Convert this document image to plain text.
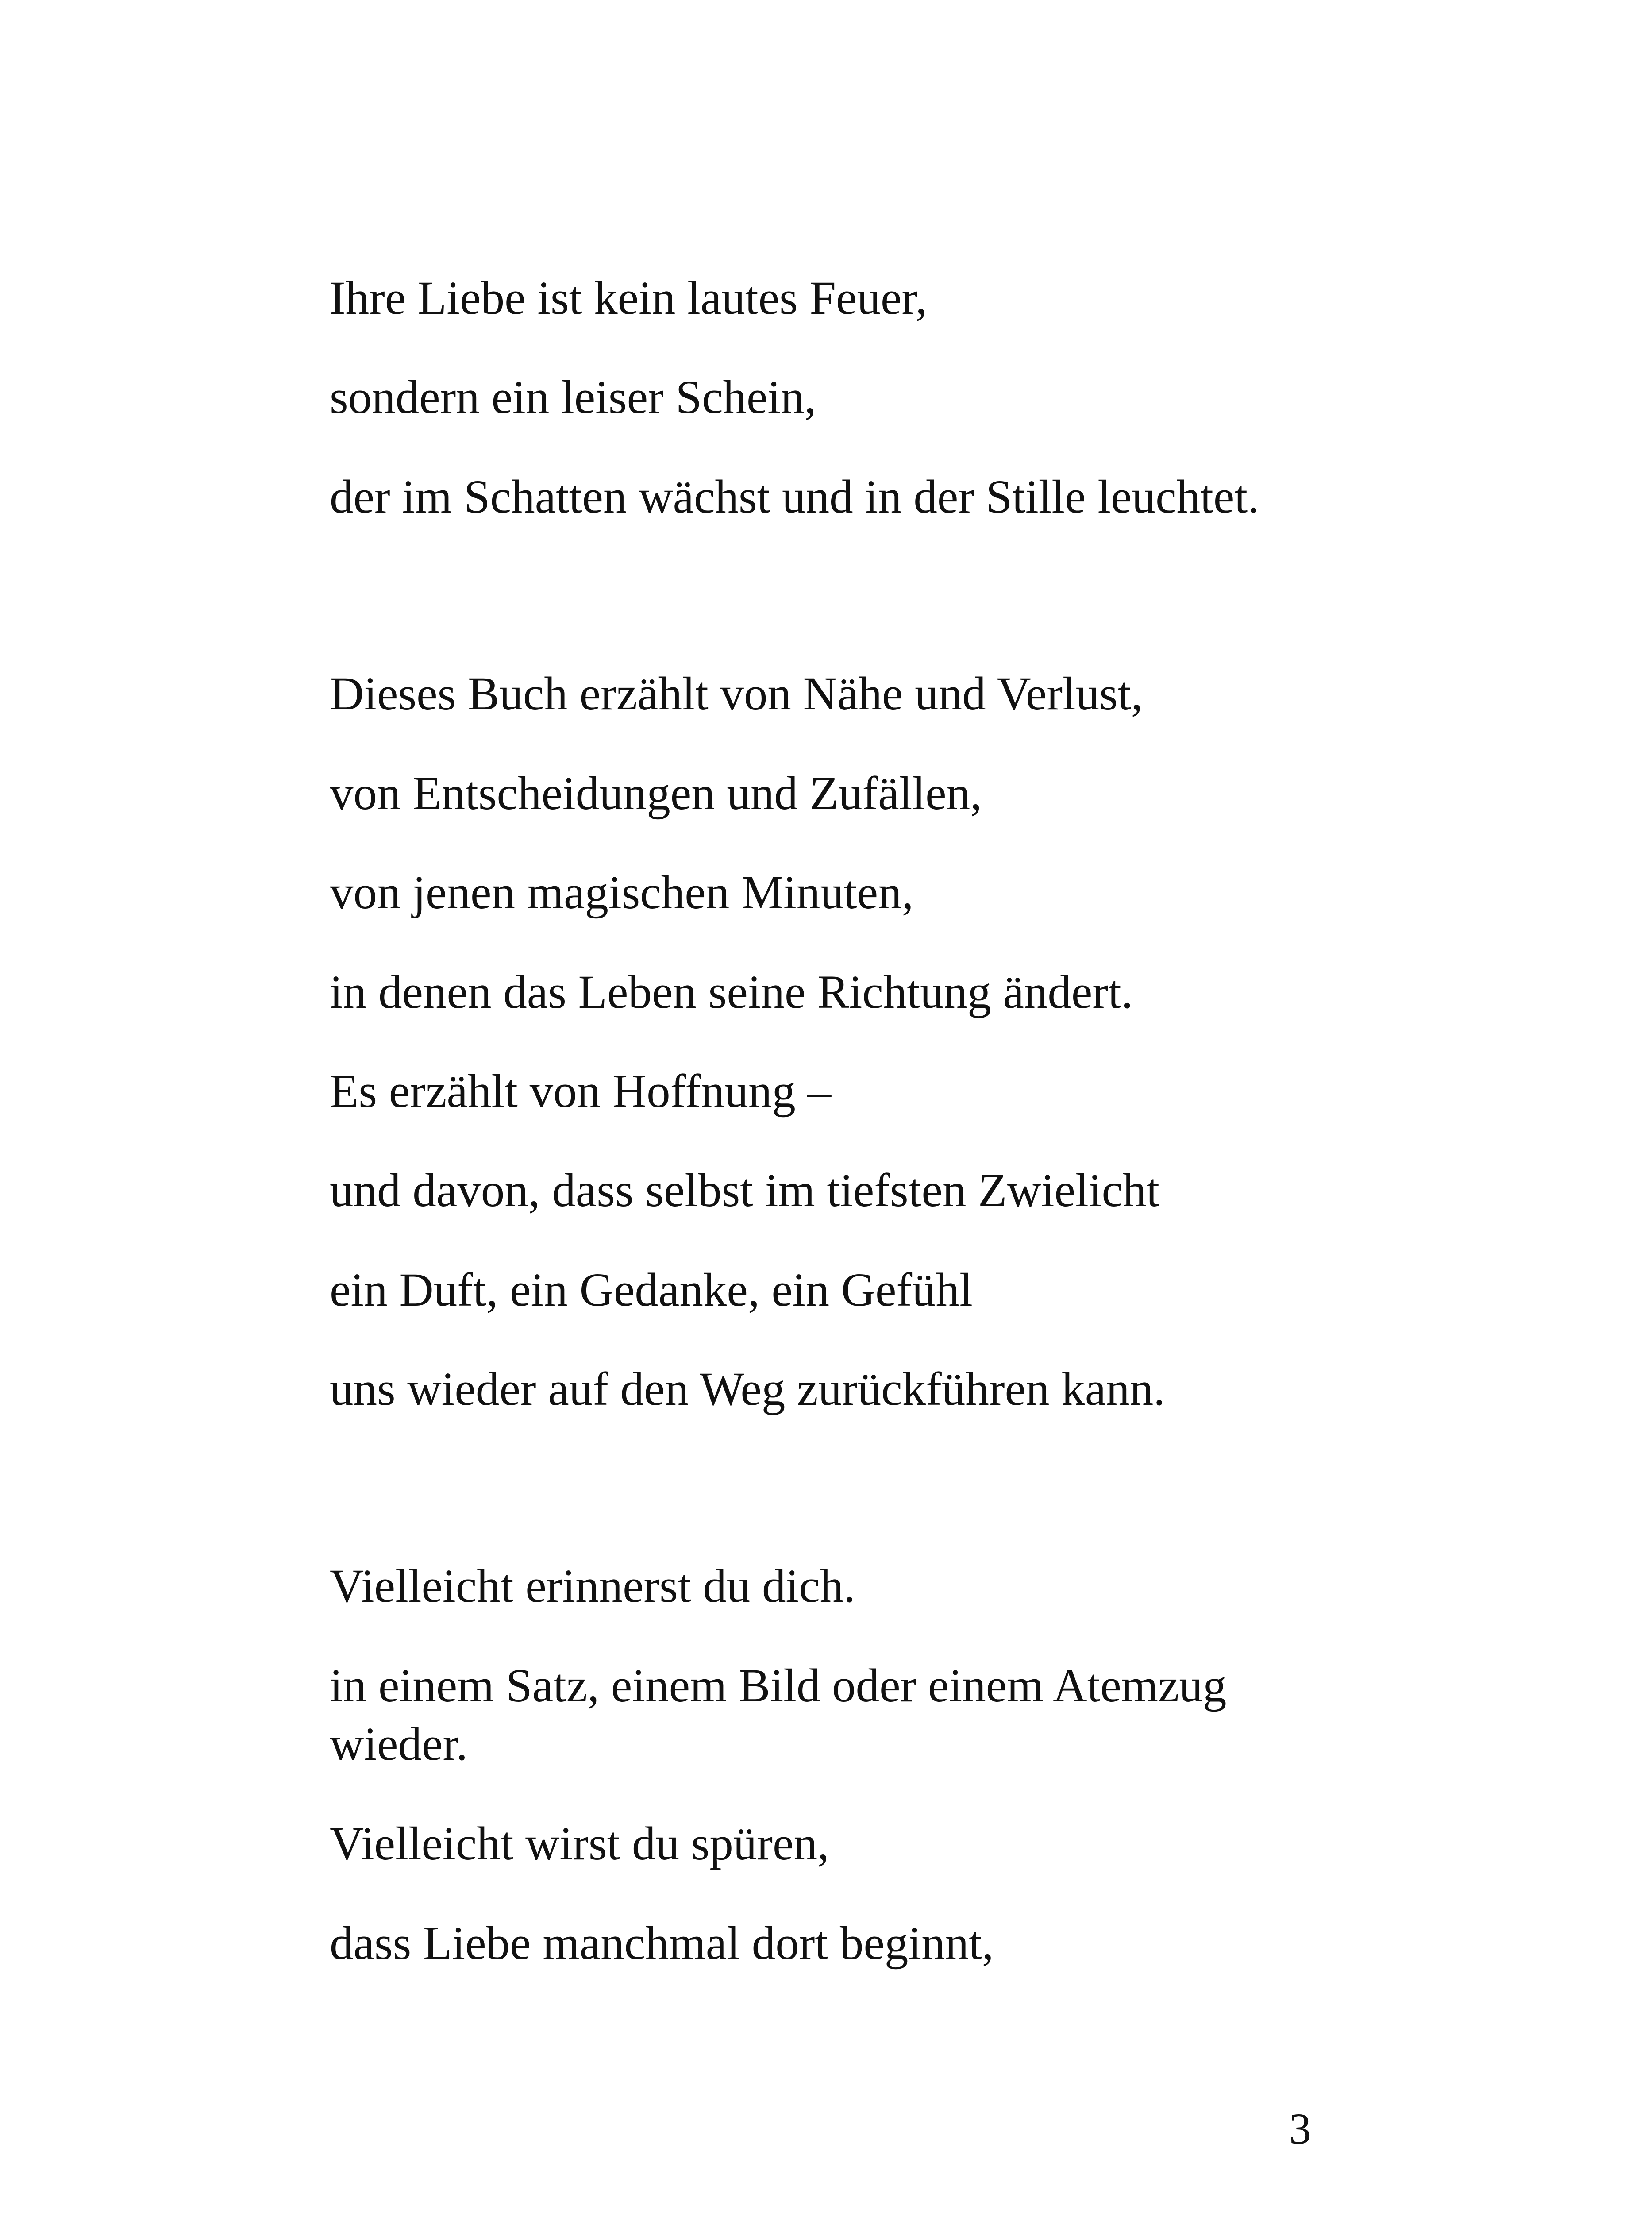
Ihre Liebe ist kein lautes Feuer,

sondern ein leiser Schein,

der im Schatten wächst und in der Stille leuchtet.

Dieses Buch erzählt von Nähe und Verlust,

von Entscheidungen und Zufällen,

von jenen magischen Minuten,

in denen das Leben seine Richtung ändert.

Es erzählt von Hoffnung –

und davon, dass selbst im tiefsten Zwielicht

ein Duft, ein Gedanke, ein Gefühl

uns wieder auf den Weg zurückführen kann.

Vielleicht erinnerst du dich.

in einem Satz, einem Bild oder einem Atemzug wieder.

Vielleicht wirst du spüren,

dass Liebe manchmal dort beginnt,

3
